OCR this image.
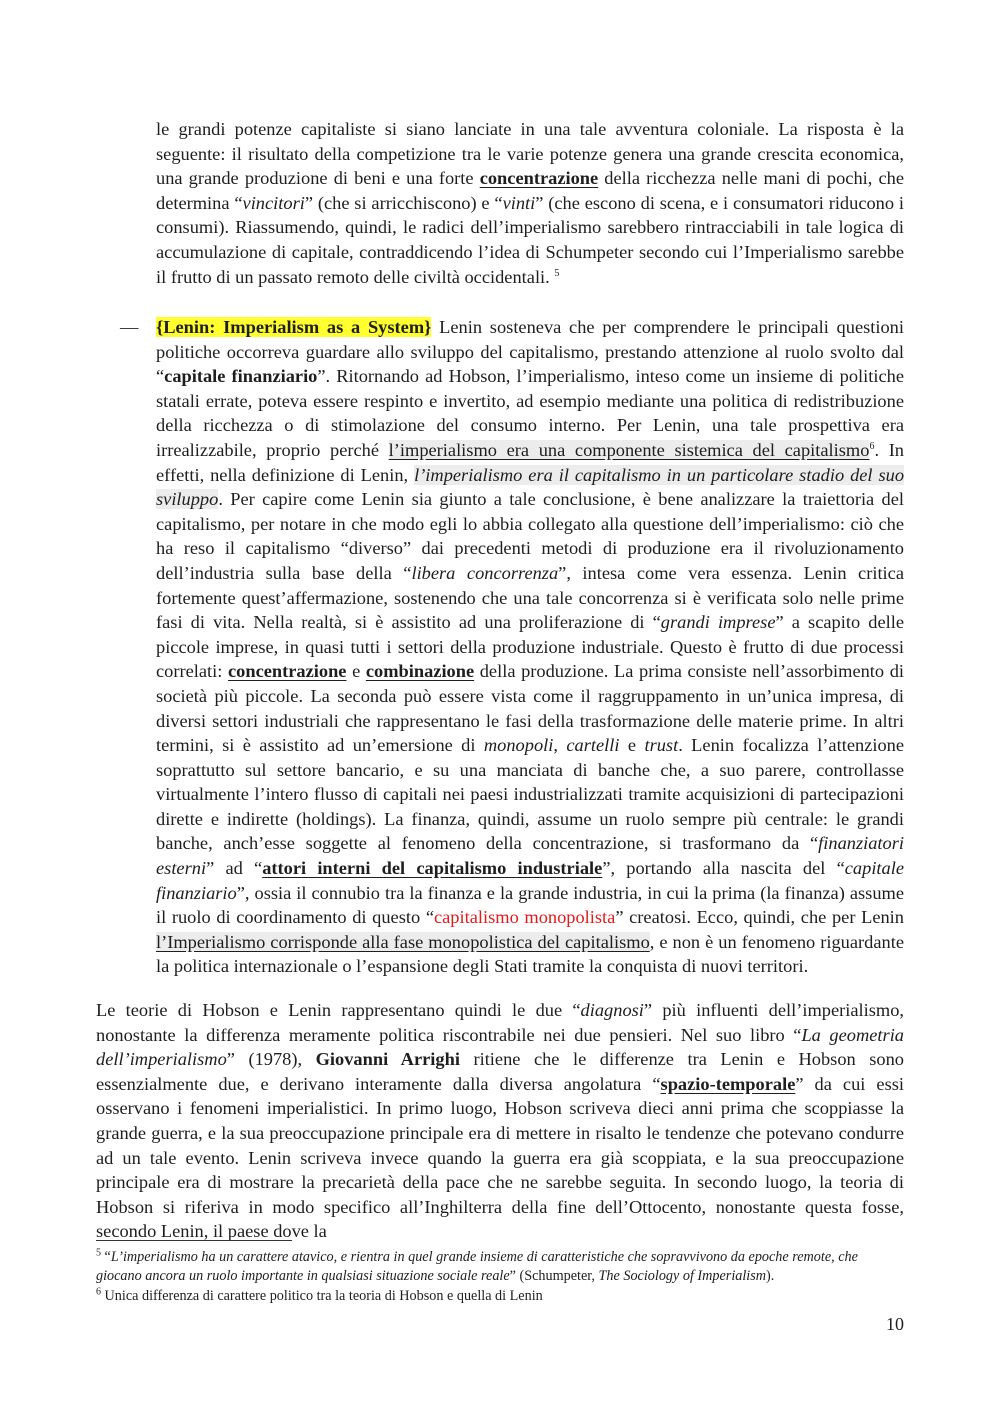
le grandi potenze capitaliste si siano lanciate in una tale avventura coloniale. La risposta è la seguente: il risultato della competizione tra le varie potenze genera una grande crescita economica, una grande produzione di beni e una forte concentrazione della ricchezza nelle mani di pochi, che determina “vincitori” (che si arricchiscono) e “vinti” (che escono di scena, e i consumatori riducono i consumi). Riassumendo, quindi, le radici dell’imperialismo sarebbero rintracciabili in tale logica di accumulazione di capitale, contraddicendo l’idea di Schumpeter secondo cui l’Imperialismo sarebbe il frutto di un passato remoto delle civiltà occidentali. $^5$

— {Lenin: Imperialism as a System} Lenin sosteneva che per comprendere le principali questioni politiche occorreva guardare allo sviluppo del capitalismo, prestando attenzione al ruolo svolto dal “capitale finanziario”. Ritornando ad Hobson, l’imperialismo, inteso come un insieme di politiche statali errate, poteva essere respinto e invertito, ad esempio mediante una politica di redistribuzione della ricchezza o di stimolazione del consumo interno. Per Lenin, una tale prospettiva era irrealizzabile, proprio perché l’imperialismo era una componente sistemica del capitalismo$^6$. In effetti, nella definizione di Lenin, l’imperialismo era il capitalismo in un particolare stadio del suo sviluppo. Per capire come Lenin sia giunto a tale conclusione, è bene analizzare la traiettoria del capitalismo, per notare in che modo egli lo abbia collegato alla questione dell’imperialismo: ciò che ha reso il capitalismo “diverso” dai precedenti metodi di produzione era il rivoluzionamento dell’industria sulla base della “libera concorrenza”, intesa come vera essenza. Lenin critica fortemente quest’affermazione, sostenendo che una tale concorrenza si è verificata solo nelle prime fasi di vita. Nella realtà, si è assistito ad una proliferazione di “grandi imprese” a scapito delle piccole imprese, in quasi tutti i settori della produzione industriale. Questo è frutto di due processi correlati: concentrazione e combinazione della produzione. La prima consiste nell’assorbimento di società più piccole. La seconda può essere vista come il raggruppamento in un’unica impresa, di diversi settori industriali che rappresentano le fasi della trasformazione delle materie prime. In altri termini, si è assistito ad un’emersione di monopoli, cartelli e trust. Lenin focalizza l’attenzione soprattutto sul settore bancario, e su una manciata di banche che, a suo parere, controllasse virtualmente l’intero flusso di capitali nei paesi industrializzati tramite acquisizioni di partecipazioni dirette e indirette (holdings). La finanza, quindi, assume un ruolo sempre più centrale: le grandi banche, anch’esse soggette al fenomeno della concentrazione, si trasformano da “finanziatori esterni” ad “attori interni del capitalismo industriale”, portando alla nascita del “capitale finanziario”, ossia il connubio tra la finanza e la grande industria, in cui la prima (la finanza) assume il ruolo di coordinamento di questo “capitalismo monopolista” creatosi. Ecco, quindi, che per Lenin l’Imperialismo corrisponde alla fase monopolistica del capitalismo, e non è un fenomeno riguardante la politica internazionale o l’espansione degli Stati tramite la conquista di nuovi territori.

Le teorie di Hobson e Lenin rappresentano quindi le due “diagnosi” più influenti dell’imperialismo, nonostante la differenza meramente politica riscontrabile nei due pensieri. Nel suo libro “La geometria dell’imperialismo” (1978), Giovanni Arrighi ritiene che le differenze tra Lenin e Hobson sono essenzialmente due, e derivano interamente dalla diversa angolatura “spazio-temporale” da cui essi osservano i fenomeni imperialistici. In primo luogo, Hobson scriveva dieci anni prima che scoppiasse la grande guerra, e la sua preoccupazione principale era di mettere in risalto le tendenze che potevano condurre ad un tale evento. Lenin scriveva invece quando la guerra era già scoppiata, e la sua preoccupazione principale era di mostrare la precarietà della pace che ne sarebbe seguita. In secondo luogo, la teoria di Hobson si riferiva in modo specifico all’Inghilterra della fine dell’Ottocento, nonostante questa fosse, secondo Lenin, il paese dove la

$^5$ “L’imperialismo ha un carattere atavico, e rientra in quel grande insieme di caratteristiche che sopravvivono da epoche remote, che giocano ancora un ruolo importante in qualsiasi situazione sociale reale” (Schumpeter, The Sociology of Imperialism).

$^6$ Unica differenza di carattere politico tra la teoria di Hobson e quella di Lenin

10
